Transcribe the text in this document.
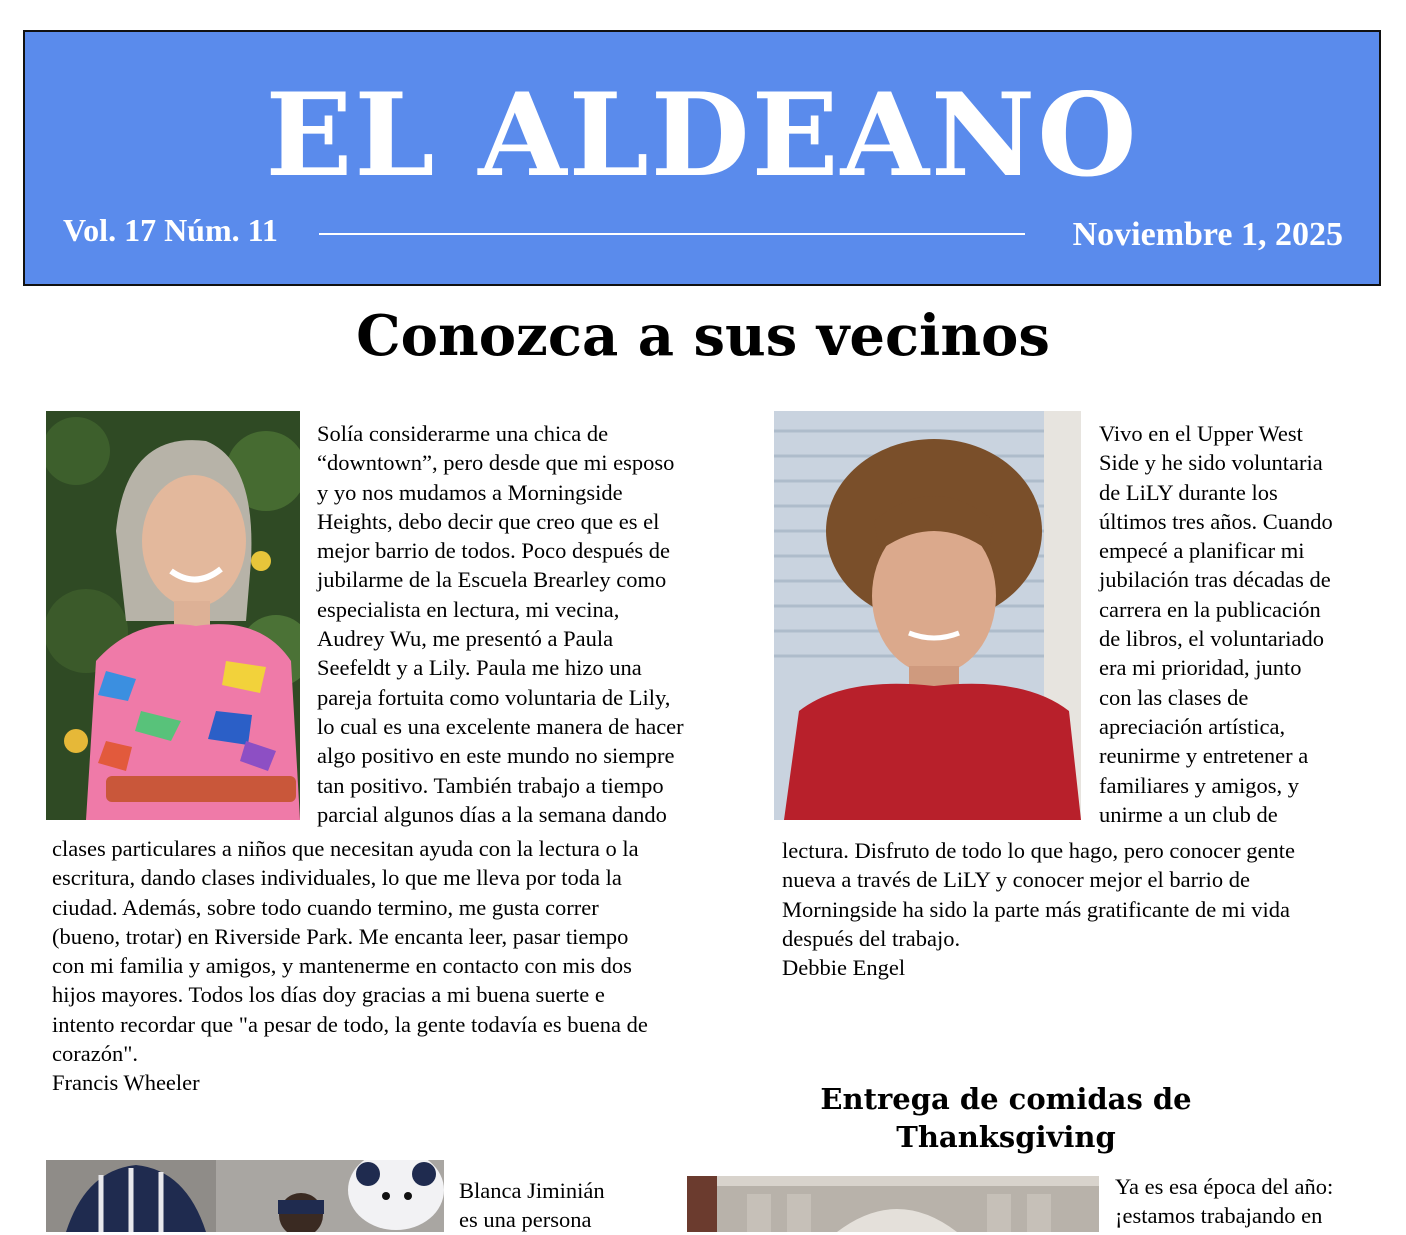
EL ALDEANO
Vol. 17 Núm. 11	Noviembre 1, 2025
Conozca a sus vecinos
Solía considerarme una chica de
“downtown”, pero desde que mi esposo
y yo nos mudamos a Morningside
Heights, debo decir que creo que es el
mejor barrio de todos. Poco después de
jubilarme de la Escuela Brearley como
especialista en lectura, mi vecina,
Audrey Wu, me presentó a Paula
Seefeldt y a Lily. Paula me hizo una
pareja fortuita como voluntaria de Lily,
lo cual es una excelente manera de hacer
algo positivo en este mundo no siempre
tan positivo. También trabajo a tiempo
parcial algunos días a la semana dando
clases particulares a niños que necesitan ayuda con la lectura o la
escritura, dando clases individuales, lo que me lleva por toda la
ciudad. Además, sobre todo cuando termino, me gusta correr
(bueno, trotar) en Riverside Park. Me encanta leer, pasar tiempo
con mi familia y amigos, y mantenerme en contacto con mis dos
hijos mayores. Todos los días doy gracias a mi buena suerte e
intento recordar que "a pesar de todo, la gente todavía es buena de
corazón".
Francis Wheeler
Vivo en el Upper West
Side y he sido voluntaria
de LiLY durante los
últimos tres años. Cuando
empecé a planificar mi
jubilación tras décadas de
carrera en la publicación
de libros, el voluntariado
era mi prioridad, junto
con las clases de
apreciación artística,
reunirme y entretener a
familiares y amigos, y
unirme a un club de
lectura. Disfruto de todo lo que hago, pero conocer gente
nueva a través de LiLY y conocer mejor el barrio de
Morningside ha sido la parte más gratificante de mi vida
después del trabajo.
Debbie Engel
Entrega de comidas de
Thanksgiving
Blanca Jiminián
es una persona
Ya es esa época del año:
¡estamos trabajando en
